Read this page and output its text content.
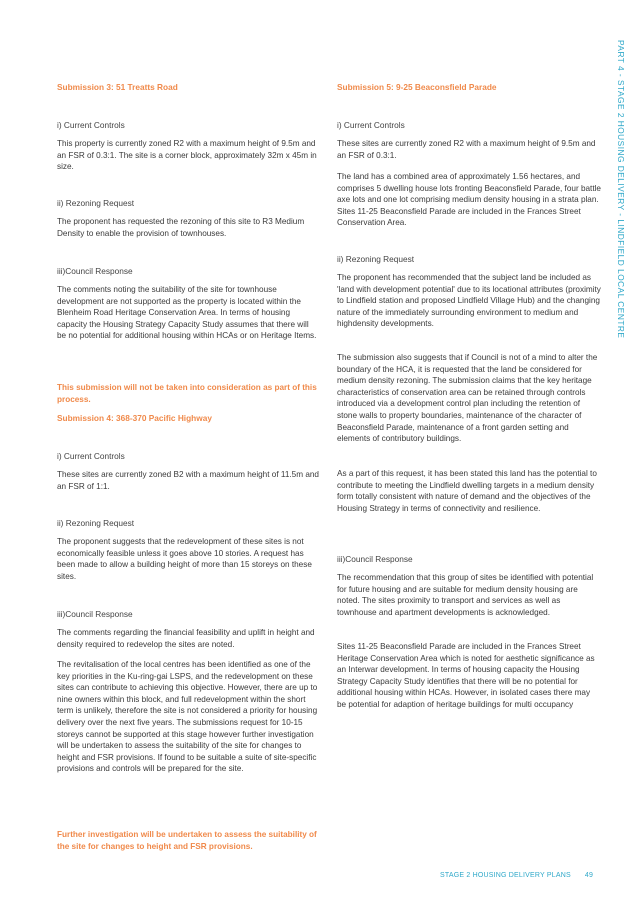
Submission 3: 51 Treatts Road

i) Current Controls

This property is currently zoned R2 with a maximum height of 9.5m and an FSR of 0.3:1. The site is a corner block, approximately 32m x 45m in size.

ii) Rezoning Request

The proponent has requested the rezoning of this site to R3 Medium Density to enable the provision of townhouses.

iii)Council Response

The comments noting the suitability of the site for townhouse development are not supported as the property is located within the Blenheim Road Heritage Conservation Area. In terms of housing capacity the Housing Strategy Capacity Study assumes that there will be no potential for additional housing within HCAs or on Heritage Items.

This submission will not be taken into consideration as part of this process.

Submission 4: 368-370 Pacific Highway

i) Current Controls

These sites are currently zoned B2 with a maximum height of 11.5m and an FSR of 1:1.

ii) Rezoning Request

The proponent suggests that the redevelopment of these sites is not economically feasible unless it goes above 10 stories. A request has been made to allow a building height of more than 15 storeys on these sites.

iii)Council Response

The comments regarding the financial feasibility and uplift in height and density required to redevelop the sites are noted.

The revitalisation of the local centres has been identified as one of the key priorities in the Ku-ring-gai LSPS, and the redevelopment on these sites can contribute to achieving this objective. However, there are up to nine owners within this block, and full redevelopment within the short term is unlikely, therefore the site is not considered a priority for housing delivery over the next five years. The submissions request for 10-15 storeys cannot be supported at this stage however further investigation will be undertaken to assess the suitability of the site for changes to height and FSR provisions. If found to be suitable a suite of site-specific provisions and controls will be prepared for the site.

Further investigation will be undertaken to assess the suitability of the site for changes to height and FSR provisions.

Submission 5: 9-25 Beaconsfield Parade

i) Current Controls

These sites are currently zoned R2 with a maximum height of 9.5m and an FSR of 0.3:1.

The land has a combined area of approximately 1.56 hectares, and comprises 5 dwelling house lots fronting Beaconsfield Parade, four battle axe lots and one lot comprising medium density housing in a strata plan. Sites 11-25 Beaconsfield Parade are included in the Frances Street Conservation Area.

ii) Rezoning Request

The proponent has recommended that the subject land be included as 'land with development potential' due to its locational attributes (proximity to Lindfield station and proposed Lindfield Village Hub) and the changing nature of the immediately surrounding environment to medium and highdensity developments.

The submission also suggests that if Council is not of a mind to alter the boundary of the HCA, it is requested that the land be considered for medium density rezoning. The submission claims that the key heritage characteristics of conservation area can be retained through controls introduced via a development control plan including the retention of stone walls to property boundaries, maintenance of the character of Beaconsfield Parade, maintenance of a front garden setting and elements of contributory buildings.

As a part of this request, it has been stated this land has the potential to contribute to meeting the Lindfield dwelling targets in a medium density form totally consistent with nature of demand and the objectives of the Housing Strategy in terms of connectivity and resilience.

iii)Council Response

The recommendation that this group of sites be identified with potential for future housing and are suitable for medium density housing are noted. The sites proximity to transport and services as well as townhouse and apartment developments is acknowledged.

Sites 11-25 Beaconsfield Parade are included in the Frances Street Heritage Conservation Area which is noted for aesthetic significance as an Interwar development. In terms of housing capacity the Housing Strategy Capacity Study identifies that there will be no potential for additional housing within HCAs. However, in isolated cases there may be potential for adaption of heritage buildings for multi occupancy

PART 4 - STAGE 2 HOUSING DELIVERY - LINDFIELD LOCAL CENTRE
STAGE 2 HOUSING DELIVERY PLANS 49
